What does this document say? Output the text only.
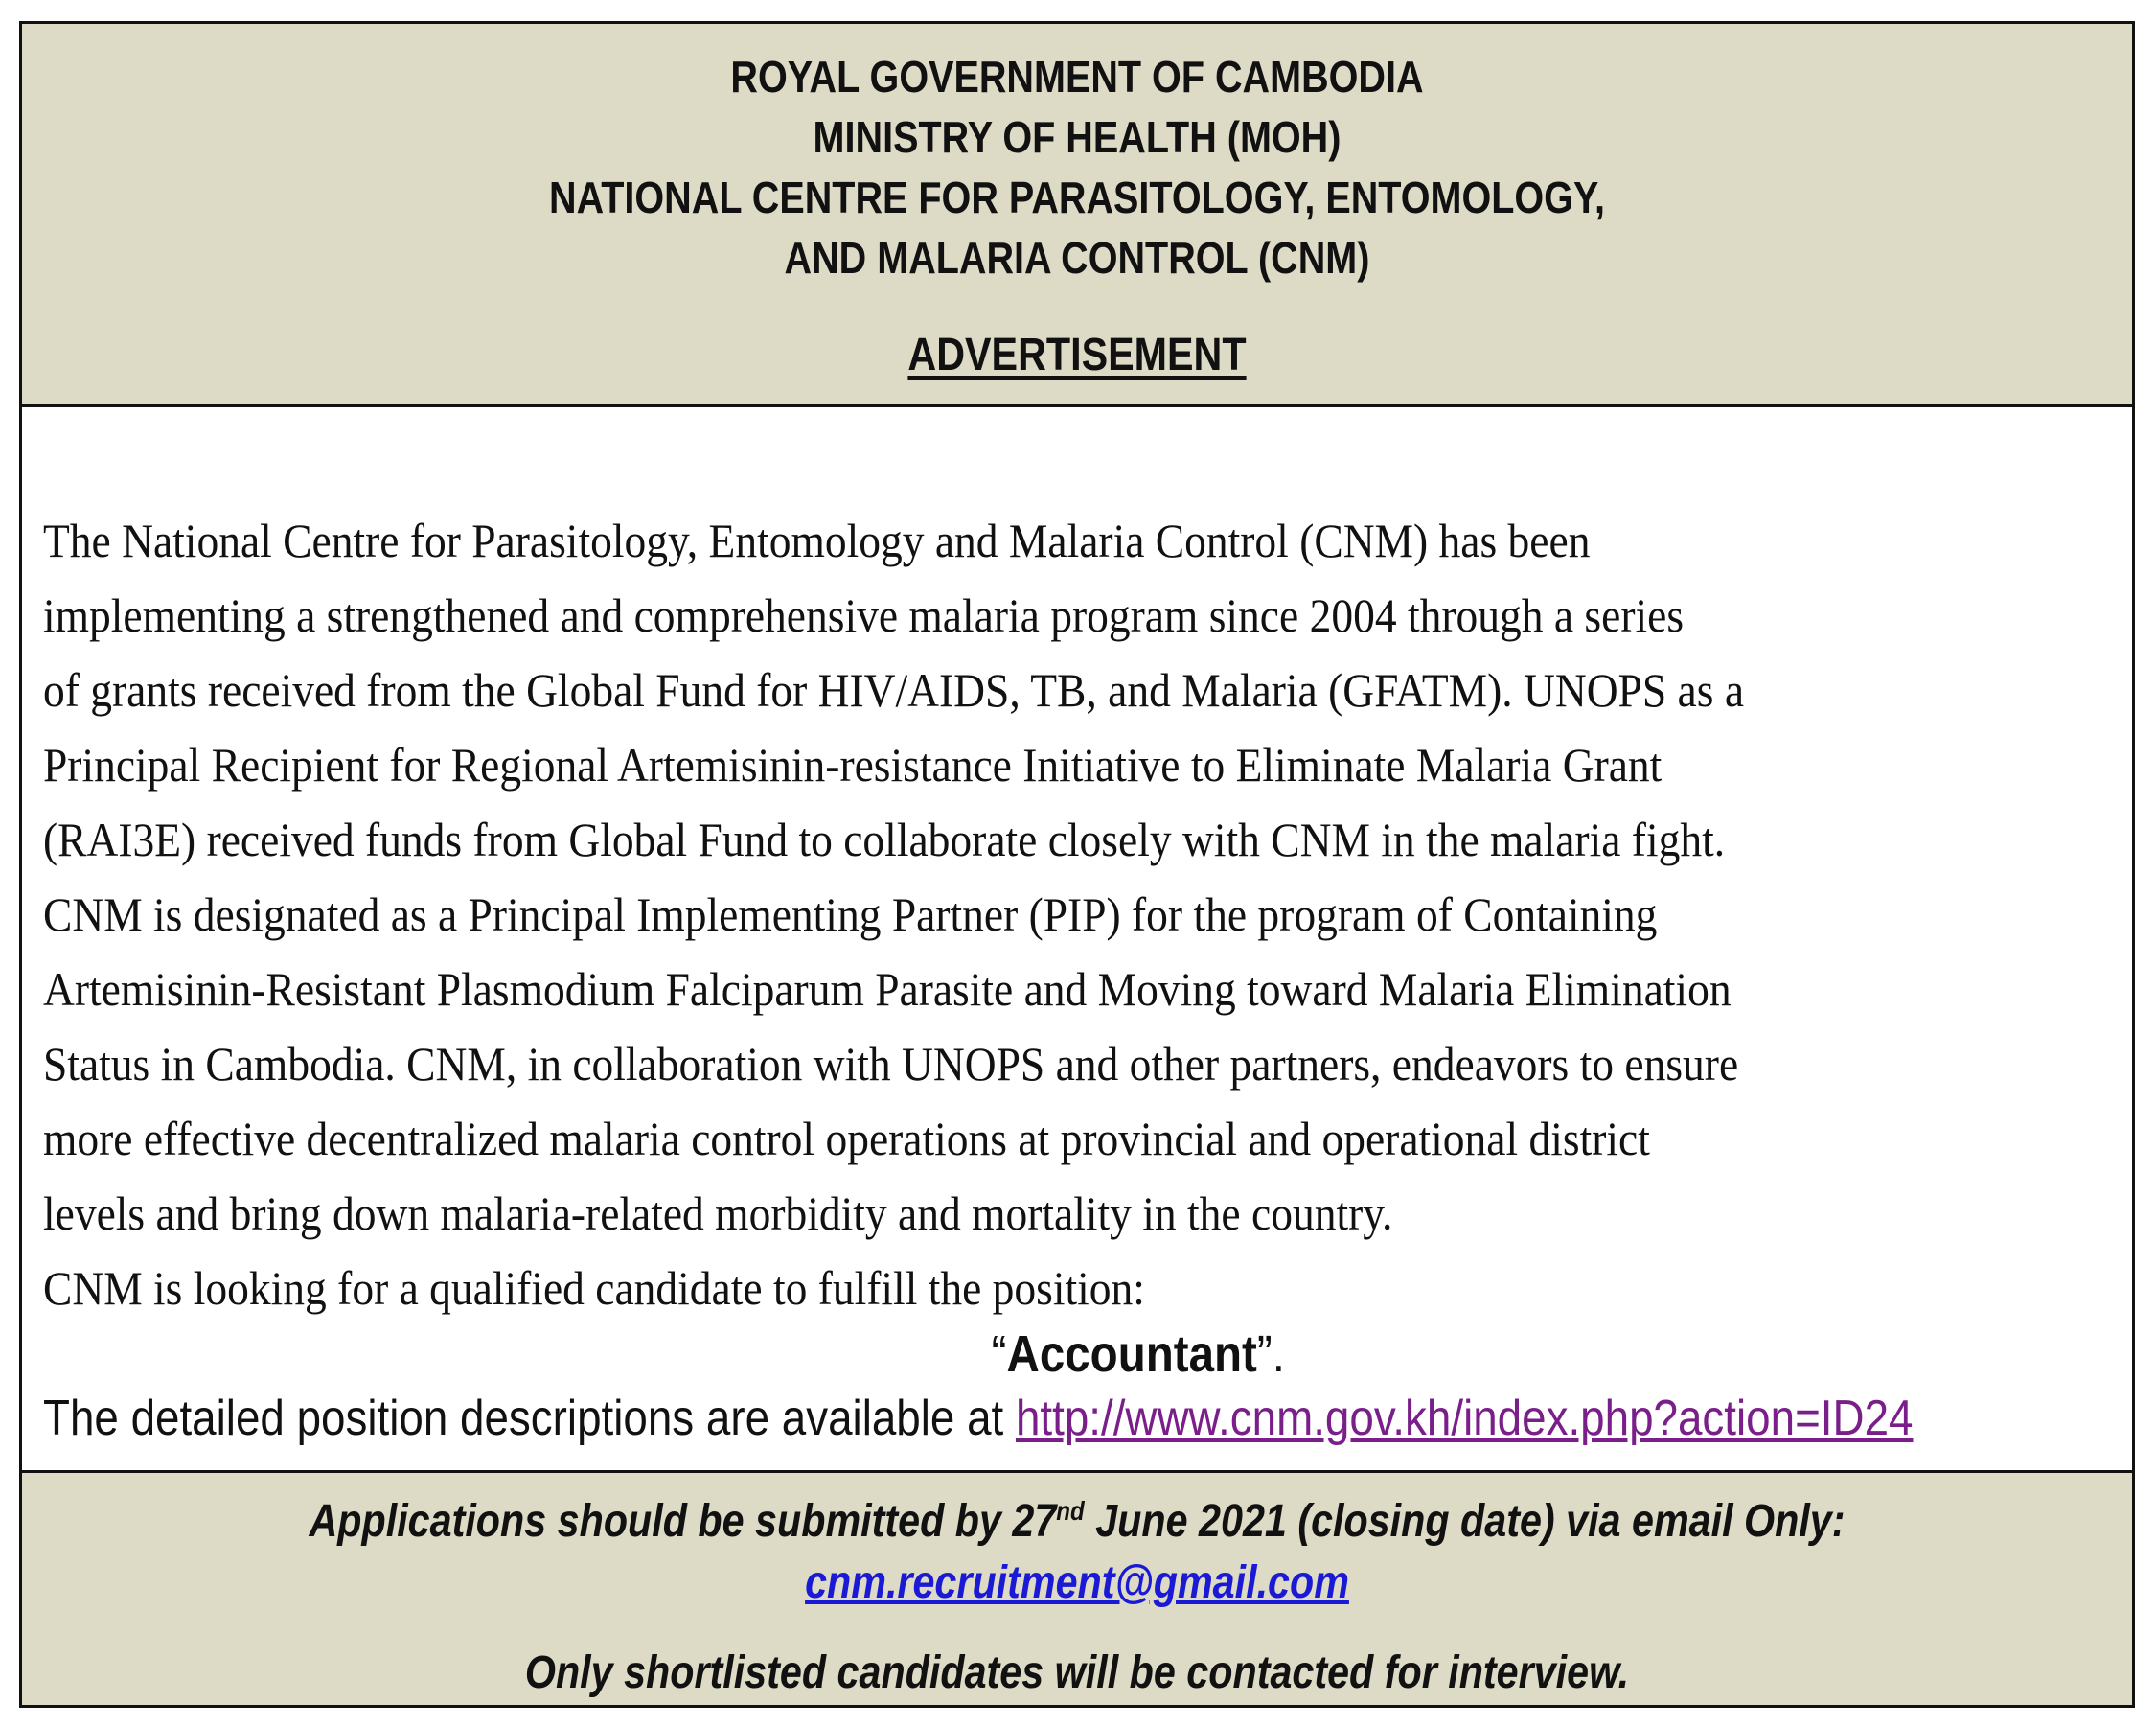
ROYAL GOVERNMENT OF CAMBODIA
MINISTRY OF HEALTH (MOH)
NATIONAL CENTRE FOR PARASITOLOGY, ENTOMOLOGY,
AND MALARIA CONTROL (CNM)
ADVERTISEMENT
The National Centre for Parasitology, Entomology and Malaria Control (CNM) has been
implementing a strengthened and comprehensive malaria program since 2004 through a series
of grants received from the Global Fund for HIV/AIDS, TB, and Malaria (GFATM). UNOPS as a
Principal Recipient for Regional Artemisinin-resistance Initiative to Eliminate Malaria Grant
(RAI3E) received funds from Global Fund to collaborate closely with CNM in the malaria fight.
CNM is designated as a Principal Implementing Partner (PIP) for the program of Containing
Artemisinin-Resistant Plasmodium Falciparum Parasite and Moving toward Malaria Elimination
Status in Cambodia. CNM, in collaboration with UNOPS and other partners, endeavors to ensure
more effective decentralized malaria control operations at provincial and operational district
levels and bring down malaria-related morbidity and mortality in the country.
CNM is looking for a qualified candidate to fulfill the position:
“Accountant”.
The detailed position descriptions are available at http://www.cnm.gov.kh/index.php?action=ID24
Applications should be submitted by 27nd June 2021 (closing date) via email Only:
cnm.recruitment@gmail.com
Only shortlisted candidates will be contacted for interview.
